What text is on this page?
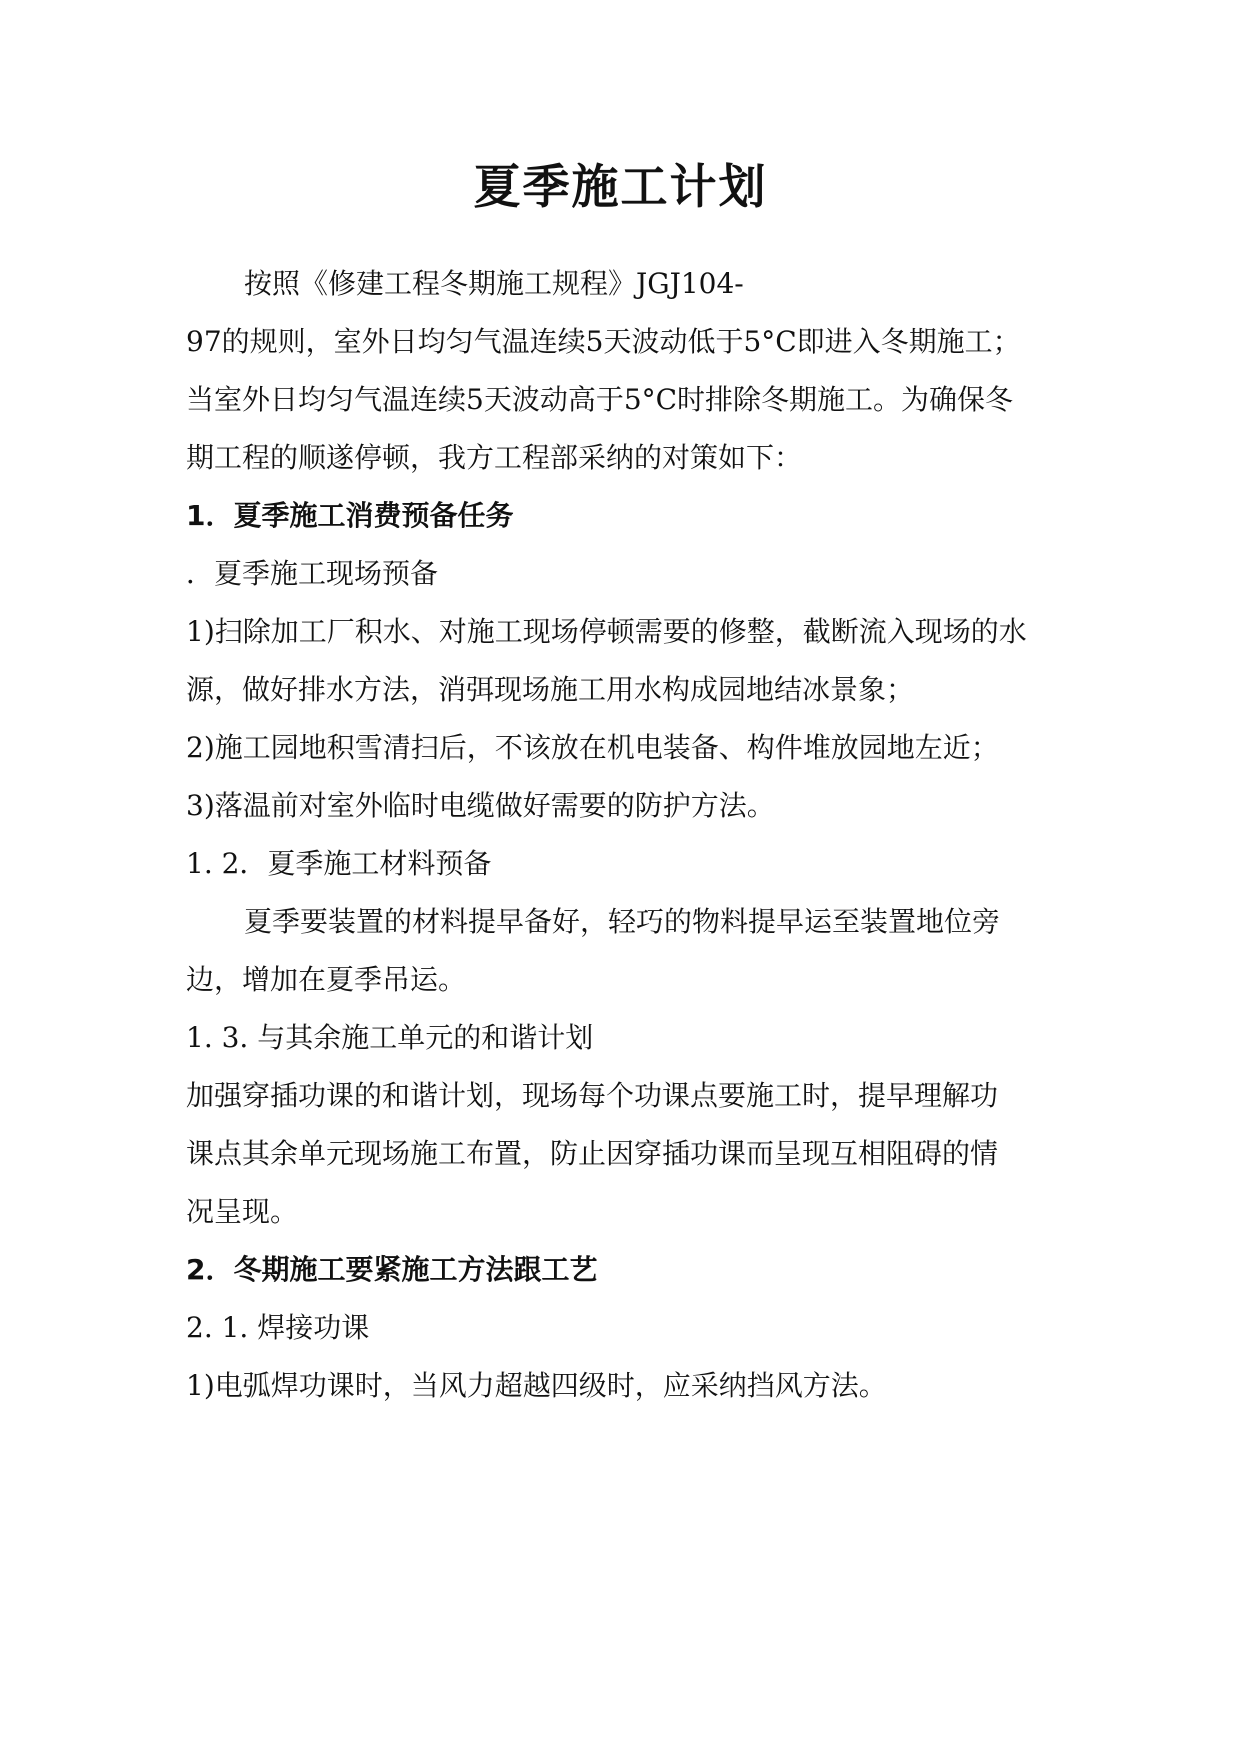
夏季施工计划

按照《修建工程冬期施工规程》JGJ104-

97的规则，室外日均匀气温连续5天波动低于5°C即进入冬期施工；

当室外日均匀气温连续5天波动高于5°C时排除冬期施工。为确保冬

期工程的顺遂停顿，我方工程部采纳的对策如下：

1．夏季施工消费预备任务

．夏季施工现场预备

1)扫除加工厂积水、对施工现场停顿需要的修整，截断流入现场的水

源，做好排水方法，消弭现场施工用水构成园地结冰景象；

2)施工园地积雪清扫后，不该放在机电装备、构件堆放园地左近；

3)落温前对室外临时电缆做好需要的防护方法。

1. 2．夏季施工材料预备

夏季要装置的材料提早备好，轻巧的物料提早运至装置地位旁

边，增加在夏季吊运。

1. 3. 与其余施工单元的和谐计划

加强穿插功课的和谐计划，现场每个功课点要施工时，提早理解功

课点其余单元现场施工布置，防止因穿插功课而呈现互相阻碍的情

况呈现。

2．冬期施工要紧施工方法跟工艺

2. 1. 焊接功课

1)电弧焊功课时，当风力超越四级时，应采纳挡风方法。
